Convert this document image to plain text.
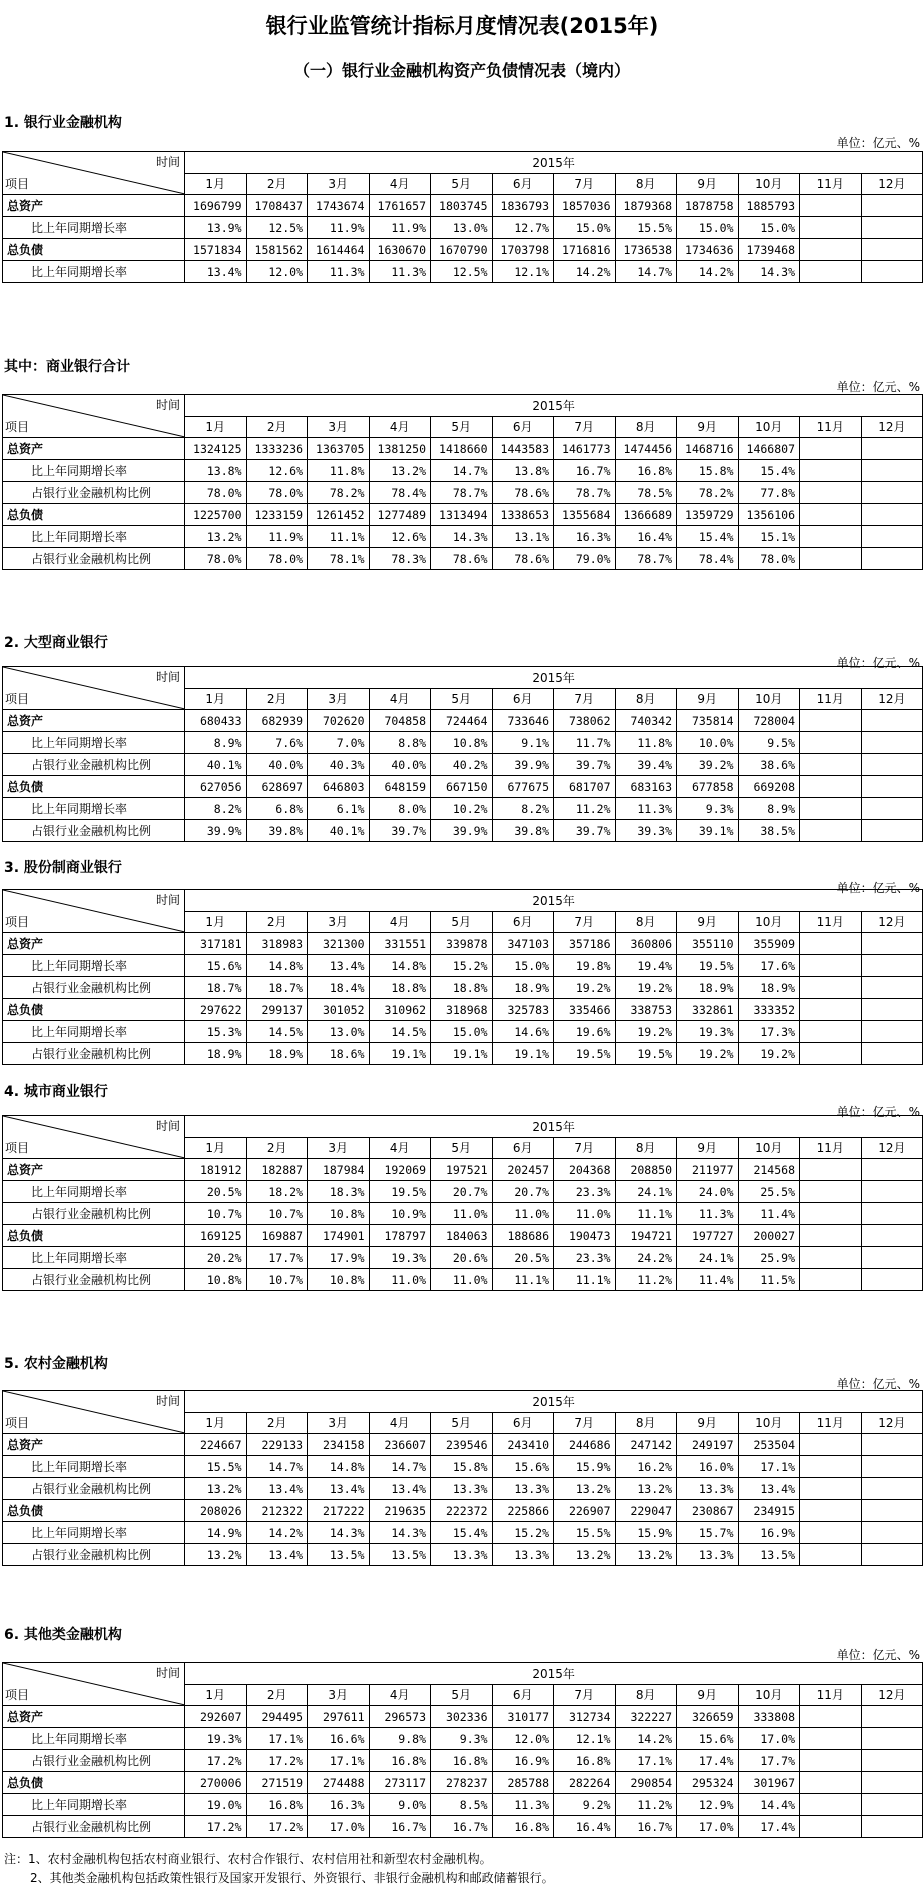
银行业监管统计指标月度情况表(2015年)
（一）银行业金融机构资产负债情况表（境内）
1. 银行业金融机构
单位：亿元、%
时间
项目	2015年											
	1月	2月	3月	4月	5月	6月	7月	8月	9月	10月	11月	12月
总资产	1696799	1708437	1743674	1761657	1803745	1836793	1857036	1879368	1878758	1885793		
比上年同期增长率	13.9%	12.5%	11.9%	11.9%	13.0%	12.7%	15.0%	15.5%	15.0%	15.0%		
总负债	1571834	1581562	1614464	1630670	1670790	1703798	1716816	1736538	1734636	1739468		
比上年同期增长率	13.4%	12.0%	11.3%	11.3%	12.5%	12.1%	14.2%	14.7%	14.2%	14.3%		
其中：商业银行合计
单位：亿元、%
时间
项目	2015年											
	1月	2月	3月	4月	5月	6月	7月	8月	9月	10月	11月	12月
总资产	1324125	1333236	1363705	1381250	1418660	1443583	1461773	1474456	1468716	1466807		
比上年同期增长率	13.8%	12.6%	11.8%	13.2%	14.7%	13.8%	16.7%	16.8%	15.8%	15.4%		
占银行业金融机构比例	78.0%	78.0%	78.2%	78.4%	78.7%	78.6%	78.7%	78.5%	78.2%	77.8%		
总负债	1225700	1233159	1261452	1277489	1313494	1338653	1355684	1366689	1359729	1356106		
比上年同期增长率	13.2%	11.9%	11.1%	12.6%	14.3%	13.1%	16.3%	16.4%	15.4%	15.1%		
占银行业金融机构比例	78.0%	78.0%	78.1%	78.3%	78.6%	78.6%	79.0%	78.7%	78.4%	78.0%		
2. 大型商业银行
单位：亿元、%
时间
项目	2015年											
	1月	2月	3月	4月	5月	6月	7月	8月	9月	10月	11月	12月
总资产	680433	682939	702620	704858	724464	733646	738062	740342	735814	728004		
比上年同期增长率	8.9%	7.6%	7.0%	8.8%	10.8%	9.1%	11.7%	11.8%	10.0%	9.5%		
占银行业金融机构比例	40.1%	40.0%	40.3%	40.0%	40.2%	39.9%	39.7%	39.4%	39.2%	38.6%		
总负债	627056	628697	646803	648159	667150	677675	681707	683163	677858	669208		
比上年同期增长率	8.2%	6.8%	6.1%	8.0%	10.2%	8.2%	11.2%	11.3%	9.3%	8.9%		
占银行业金融机构比例	39.9%	39.8%	40.1%	39.7%	39.9%	39.8%	39.7%	39.3%	39.1%	38.5%		
3. 股份制商业银行
单位：亿元、%
时间
项目	2015年											
	1月	2月	3月	4月	5月	6月	7月	8月	9月	10月	11月	12月
总资产	317181	318983	321300	331551	339878	347103	357186	360806	355110	355909		
比上年同期增长率	15.6%	14.8%	13.4%	14.8%	15.2%	15.0%	19.8%	19.4%	19.5%	17.6%		
占银行业金融机构比例	18.7%	18.7%	18.4%	18.8%	18.8%	18.9%	19.2%	19.2%	18.9%	18.9%		
总负债	297622	299137	301052	310962	318968	325783	335466	338753	332861	333352		
比上年同期增长率	15.3%	14.5%	13.0%	14.5%	15.0%	14.6%	19.6%	19.2%	19.3%	17.3%		
占银行业金融机构比例	18.9%	18.9%	18.6%	19.1%	19.1%	19.1%	19.5%	19.5%	19.2%	19.2%		
4. 城市商业银行
单位：亿元、%
时间
项目	2015年											
	1月	2月	3月	4月	5月	6月	7月	8月	9月	10月	11月	12月
总资产	181912	182887	187984	192069	197521	202457	204368	208850	211977	214568		
比上年同期增长率	20.5%	18.2%	18.3%	19.5%	20.7%	20.7%	23.3%	24.1%	24.0%	25.5%		
占银行业金融机构比例	10.7%	10.7%	10.8%	10.9%	11.0%	11.0%	11.0%	11.1%	11.3%	11.4%		
总负债	169125	169887	174901	178797	184063	188686	190473	194721	197727	200027		
比上年同期增长率	20.2%	17.7%	17.9%	19.3%	20.6%	20.5%	23.3%	24.2%	24.1%	25.9%		
占银行业金融机构比例	10.8%	10.7%	10.8%	11.0%	11.0%	11.1%	11.1%	11.2%	11.4%	11.5%		
5. 农村金融机构
单位：亿元、%
时间
项目	2015年											
	1月	2月	3月	4月	5月	6月	7月	8月	9月	10月	11月	12月
总资产	224667	229133	234158	236607	239546	243410	244686	247142	249197	253504		
比上年同期增长率	15.5%	14.7%	14.8%	14.7%	15.8%	15.6%	15.9%	16.2%	16.0%	17.1%		
占银行业金融机构比例	13.2%	13.4%	13.4%	13.4%	13.3%	13.3%	13.2%	13.2%	13.3%	13.4%		
总负债	208026	212322	217222	219635	222372	225866	226907	229047	230867	234915		
比上年同期增长率	14.9%	14.2%	14.3%	14.3%	15.4%	15.2%	15.5%	15.9%	15.7%	16.9%		
占银行业金融机构比例	13.2%	13.4%	13.5%	13.5%	13.3%	13.3%	13.2%	13.2%	13.3%	13.5%		
6. 其他类金融机构
单位：亿元、%
时间
项目	2015年											
	1月	2月	3月	4月	5月	6月	7月	8月	9月	10月	11月	12月
总资产	292607	294495	297611	296573	302336	310177	312734	322227	326659	333808		
比上年同期增长率	19.3%	17.1%	16.6%	9.8%	9.3%	12.0%	12.1%	14.2%	15.6%	17.0%		
占银行业金融机构比例	17.2%	17.2%	17.1%	16.8%	16.8%	16.9%	16.8%	17.1%	17.4%	17.7%		
总负债	270006	271519	274488	273117	278237	285788	282264	290854	295324	301967		
比上年同期增长率	19.0%	16.8%	16.3%	9.0%	8.5%	11.3%	9.2%	11.2%	12.9%	14.4%		
占银行业金融机构比例	17.2%	17.2%	17.0%	16.7%	16.7%	16.8%	16.4%	16.7%	17.0%	17.4%		
注：1、农村金融机构包括农村商业银行、农村合作银行、农村信用社和新型农村金融机构。
2、其他类金融机构包括政策性银行及国家开发银行、外资银行、非银行金融机构和邮政储蓄银行。
